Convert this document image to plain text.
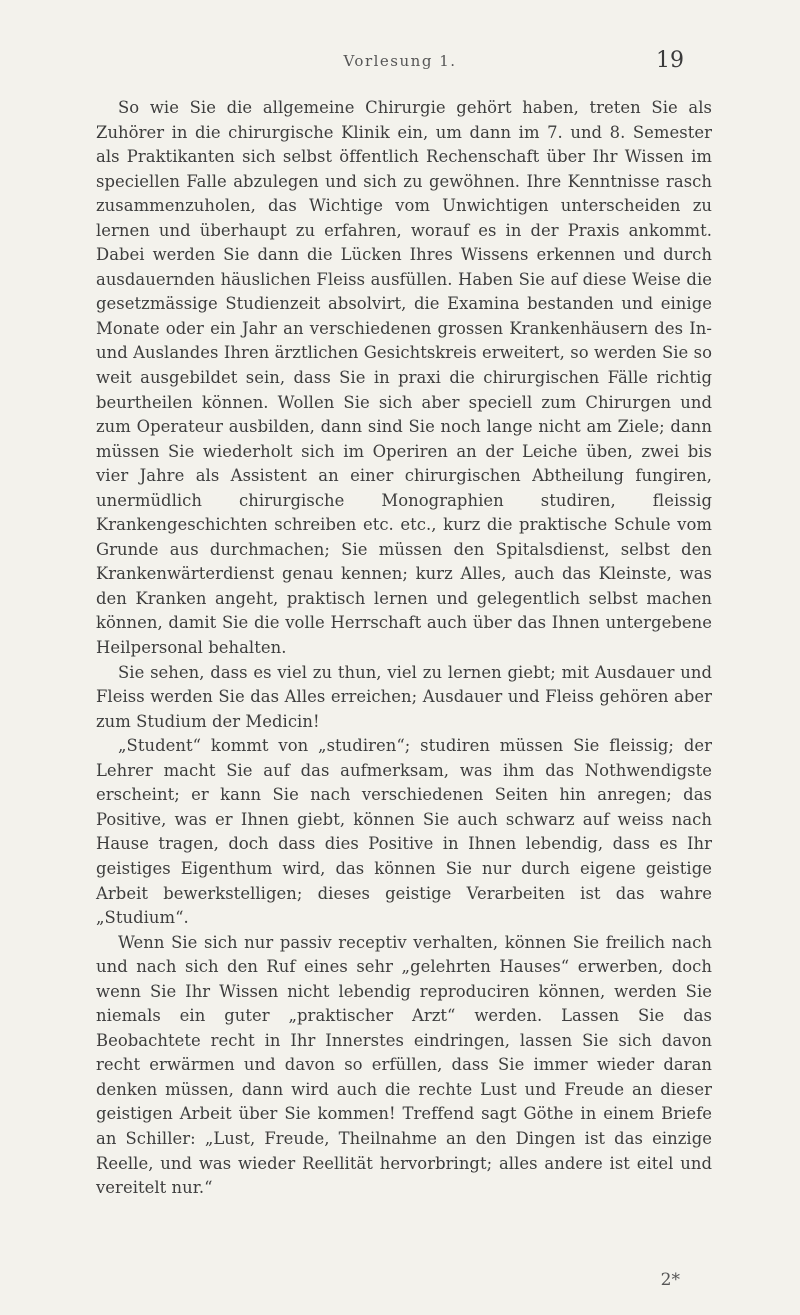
Vorlesung 1.	19

So wie Sie die allgemeine Chirurgie gehört haben, treten Sie als Zuhörer in die chirurgische Klinik ein, um dann im 7. und 8. Semester als Praktikanten sich selbst öffentlich Rechenschaft über Ihr Wissen im speciellen Falle abzulegen und sich zu gewöhnen. Ihre Kenntnisse rasch zusammenzuholen, das Wichtige vom Unwichtigen unterscheiden zu lernen und überhaupt zu erfahren, worauf es in der Praxis ankommt. Dabei werden Sie dann die Lücken Ihres Wissens erkennen und durch ausdauernden häuslichen Fleiss ausfüllen. Haben Sie auf diese Weise die gesetzmässige Studienzeit absolvirt, die Examina bestanden und einige Monate oder ein Jahr an verschiedenen grossen Krankenhäusern des In- und Auslandes Ihren ärztlichen Gesichtskreis erweitert, so werden Sie so weit ausgebildet sein, dass Sie in praxi die chirurgischen Fälle richtig beurtheilen können. Wollen Sie sich aber speciell zum Chirurgen und zum Operateur ausbilden, dann sind Sie noch lange nicht am Ziele; dann müssen Sie wiederholt sich im Operiren an der Leiche üben, zwei bis vier Jahre als Assistent an einer chirurgischen Abtheilung fungiren, unermüdlich chirurgische Monographien studiren, fleissig Krankengeschichten schreiben etc. etc., kurz die praktische Schule vom Grunde aus durchmachen; Sie müssen den Spitalsdienst, selbst den Krankenwärterdienst genau kennen; kurz Alles, auch das Kleinste, was den Kranken angeht, praktisch lernen und gelegentlich selbst machen können, damit Sie die volle Herrschaft auch über das Ihnen untergebene Heilpersonal behalten.

Sie sehen, dass es viel zu thun, viel zu lernen giebt; mit Ausdauer und Fleiss werden Sie das Alles erreichen; Ausdauer und Fleiss gehören aber zum Studium der Medicin!

„Student“ kommt von „studiren“; studiren müssen Sie fleissig; der Lehrer macht Sie auf das aufmerksam, was ihm das Nothwendigste erscheint; er kann Sie nach verschiedenen Seiten hin anregen; das Positive, was er Ihnen giebt, können Sie auch schwarz auf weiss nach Hause tragen, doch dass dies Positive in Ihnen lebendig, dass es Ihr geistiges Eigenthum wird, das können Sie nur durch eigene geistige Arbeit bewerkstelligen; dieses geistige Verarbeiten ist das wahre „Studium“.

Wenn Sie sich nur passiv receptiv verhalten, können Sie freilich nach und nach sich den Ruf eines sehr „gelehrten Hauses“ erwerben, doch wenn Sie Ihr Wissen nicht lebendig reproduciren können, werden Sie niemals ein guter „praktischer Arzt“ werden. Lassen Sie das Beobachtete recht in Ihr Innerstes eindringen, lassen Sie sich davon recht erwärmen und davon so erfüllen, dass Sie immer wieder daran denken müssen, dann wird auch die rechte Lust und Freude an dieser geistigen Arbeit über Sie kommen! Treffend sagt Göthe in einem Briefe an Schiller: „Lust, Freude, Theilnahme an den Dingen ist das einzige Reelle, und was wieder Reellität hervorbringt; alles andere ist eitel und vereitelt nur.“

2*
